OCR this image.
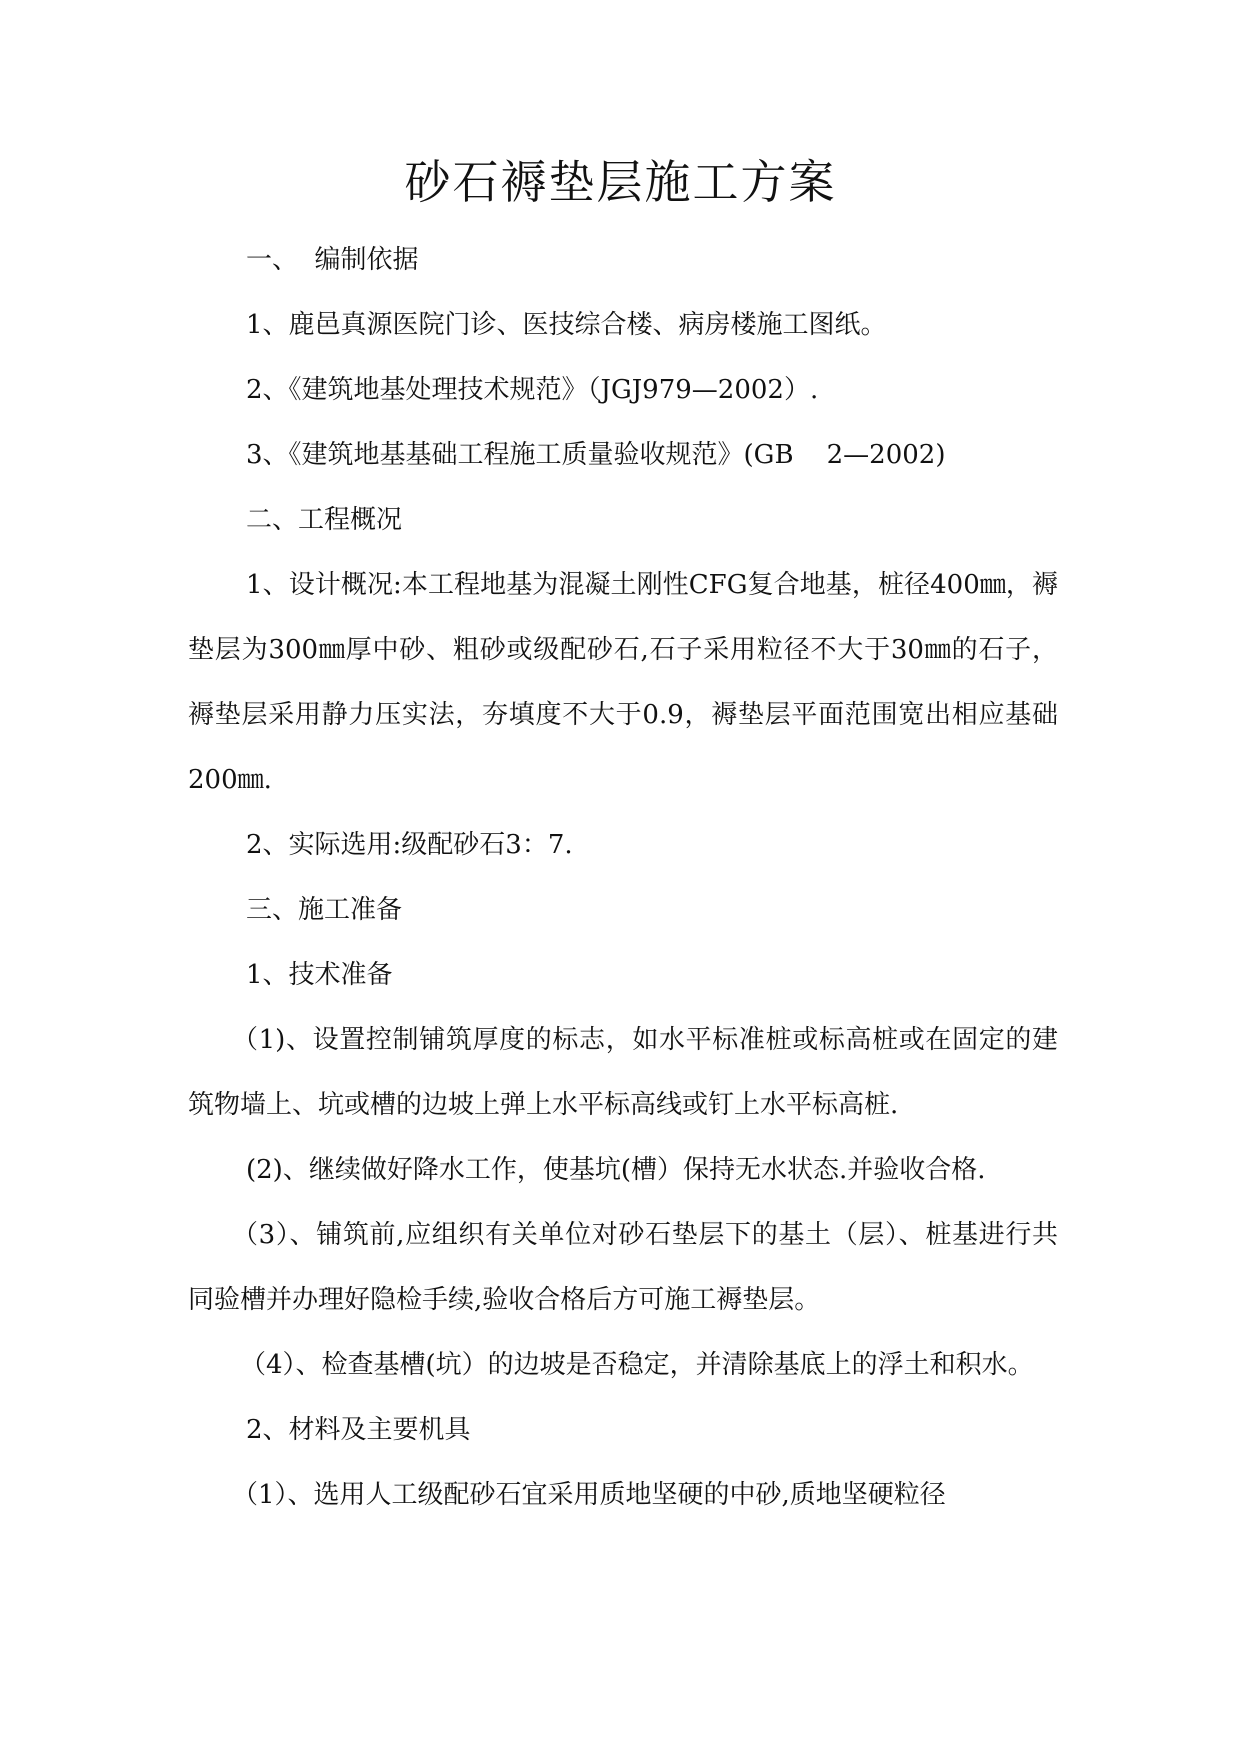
砂石褥垫层施工方案

一、  编制依据

1、鹿邑真源医院门诊、医技综合楼、病房楼施工图纸。

2、《建筑地基处理技术规范》（JGJ979—2002）.

3、《建筑地基基础工程施工质量验收规范》(GB    2—2002)

二、工程概况

1、设计概况:本工程地基为混凝土刚性CFG复合地基，桩径400㎜，褥垫层为300㎜厚中砂、粗砂或级配砂石,石子采用粒径不大于30㎜的石子，褥垫层采用静力压实法，夯填度不大于0.9，褥垫层平面范围宽出相应基础200㎜.

2、实际选用:级配砂石3：7.

三、施工准备

1、技术准备

（1)、设置控制铺筑厚度的标志，如水平标准桩或标高桩或在固定的建筑物墙上、坑或槽的边坡上弹上水平标高线或钉上水平标高桩.

(2)、继续做好降水工作，使基坑(槽）保持无水状态.并验收合格.

（3）、铺筑前,应组织有关单位对砂石垫层下的基土（层）、桩基进行共同验槽并办理好隐检手续,验收合格后方可施工褥垫层。

（4）、检查基槽(坑）的边坡是否稳定，并清除基底上的浮土和积水。

2、材料及主要机具

（1）、选用人工级配砂石宜采用质地坚硬的中砂,质地坚硬粒径
